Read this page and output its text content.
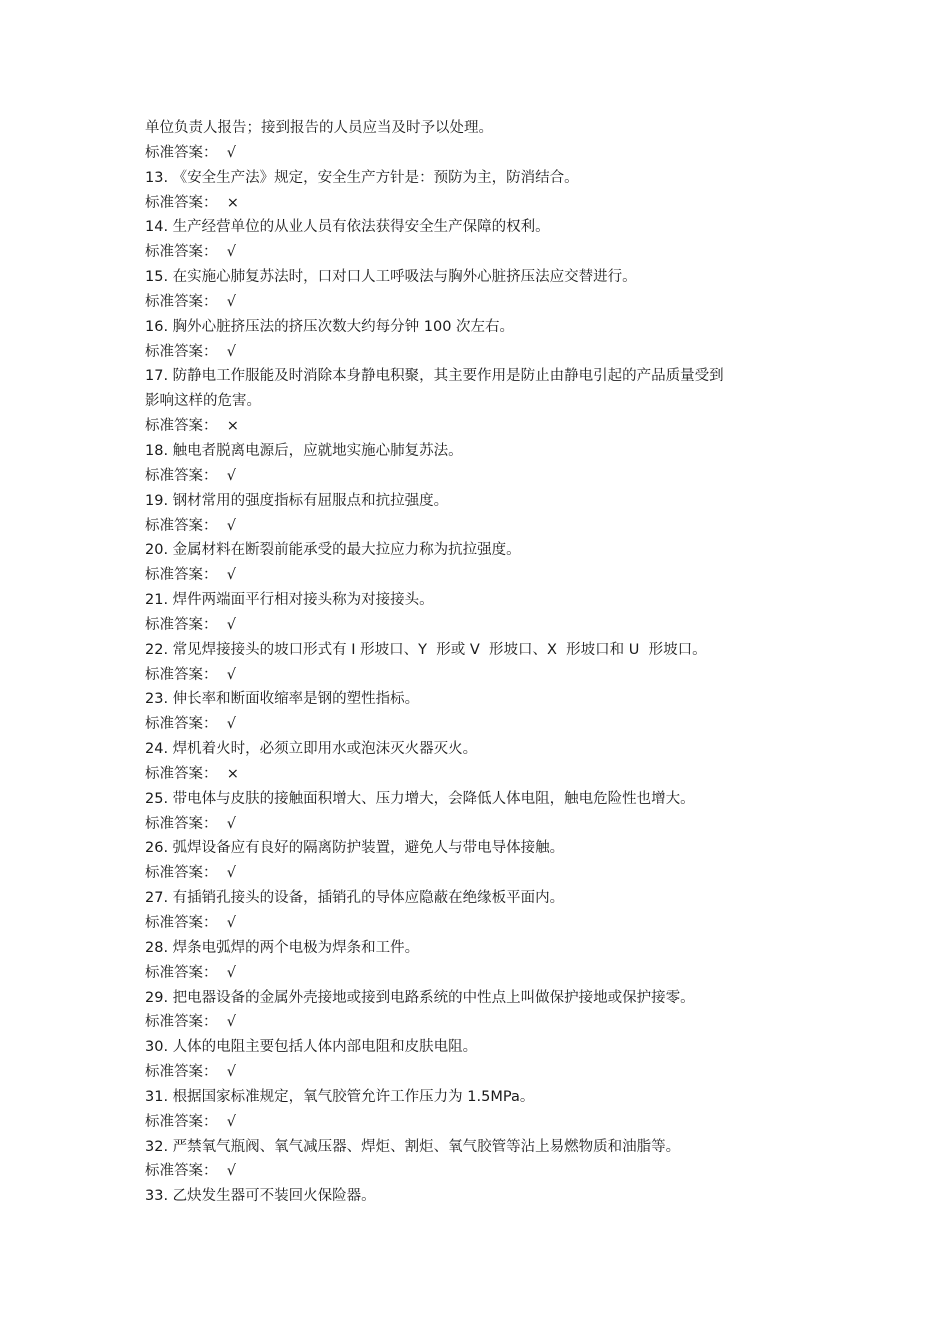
单位负责人报告；接到报告的人员应当及时予以处理。
标准答案：  √
13. 《安全生产法》规定，安全生产方针是：预防为主，防消结合。
标准答案：  ×
14. 生产经营单位的从业人员有依法获得安全生产保障的权利。
标准答案：  √
15. 在实施心肺复苏法时，口对口人工呼吸法与胸外心脏挤压法应交替进行。
标准答案：  √
16. 胸外心脏挤压法的挤压次数大约每分钟 100 次左右。
标准答案：  √
17. 防静电工作服能及时消除本身静电积聚，其主要作用是防止由静电引起的产品质量受到
影响这样的危害。
标准答案：  ×
18. 触电者脱离电源后，应就地实施心肺复苏法。
标准答案：  √
19. 钢材常用的强度指标有屈服点和抗拉强度。
标准答案：  √
20. 金属材料在断裂前能承受的最大拉应力称为抗拉强度。
标准答案：  √
21. 焊件两端面平行相对接头称为对接接头。
标准答案：  √
22. 常见焊接接头的坡口形式有 I 形坡口、Y  形或 V  形坡口、X  形坡口和 U  形坡口。
标准答案：  √
23. 伸长率和断面收缩率是钢的塑性指标。
标准答案：  √
24. 焊机着火时，必须立即用水或泡沫灭火器灭火。
标准答案：  ×
25. 带电体与皮肤的接触面积增大、压力增大，会降低人体电阻，触电危险性也增大。
标准答案：  √
26. 弧焊设备应有良好的隔离防护装置，避免人与带电导体接触。
标准答案：  √
27. 有插销孔接头的设备，插销孔的导体应隐蔽在绝缘板平面内。
标准答案：  √
28. 焊条电弧焊的两个电极为焊条和工件。
标准答案：  √
29. 把电器设备的金属外壳接地或接到电路系统的中性点上叫做保护接地或保护接零。
标准答案：  √
30. 人体的电阻主要包括人体内部电阻和皮肤电阻。
标准答案：  √
31. 根据国家标准规定，氧气胶管允许工作压力为 1.5MPa。
标准答案：  √
32. 严禁氧气瓶阀、氧气减压器、焊炬、割炬、氧气胶管等沾上易燃物质和油脂等。
标准答案：  √
33. 乙炔发生器可不装回火保险器。
